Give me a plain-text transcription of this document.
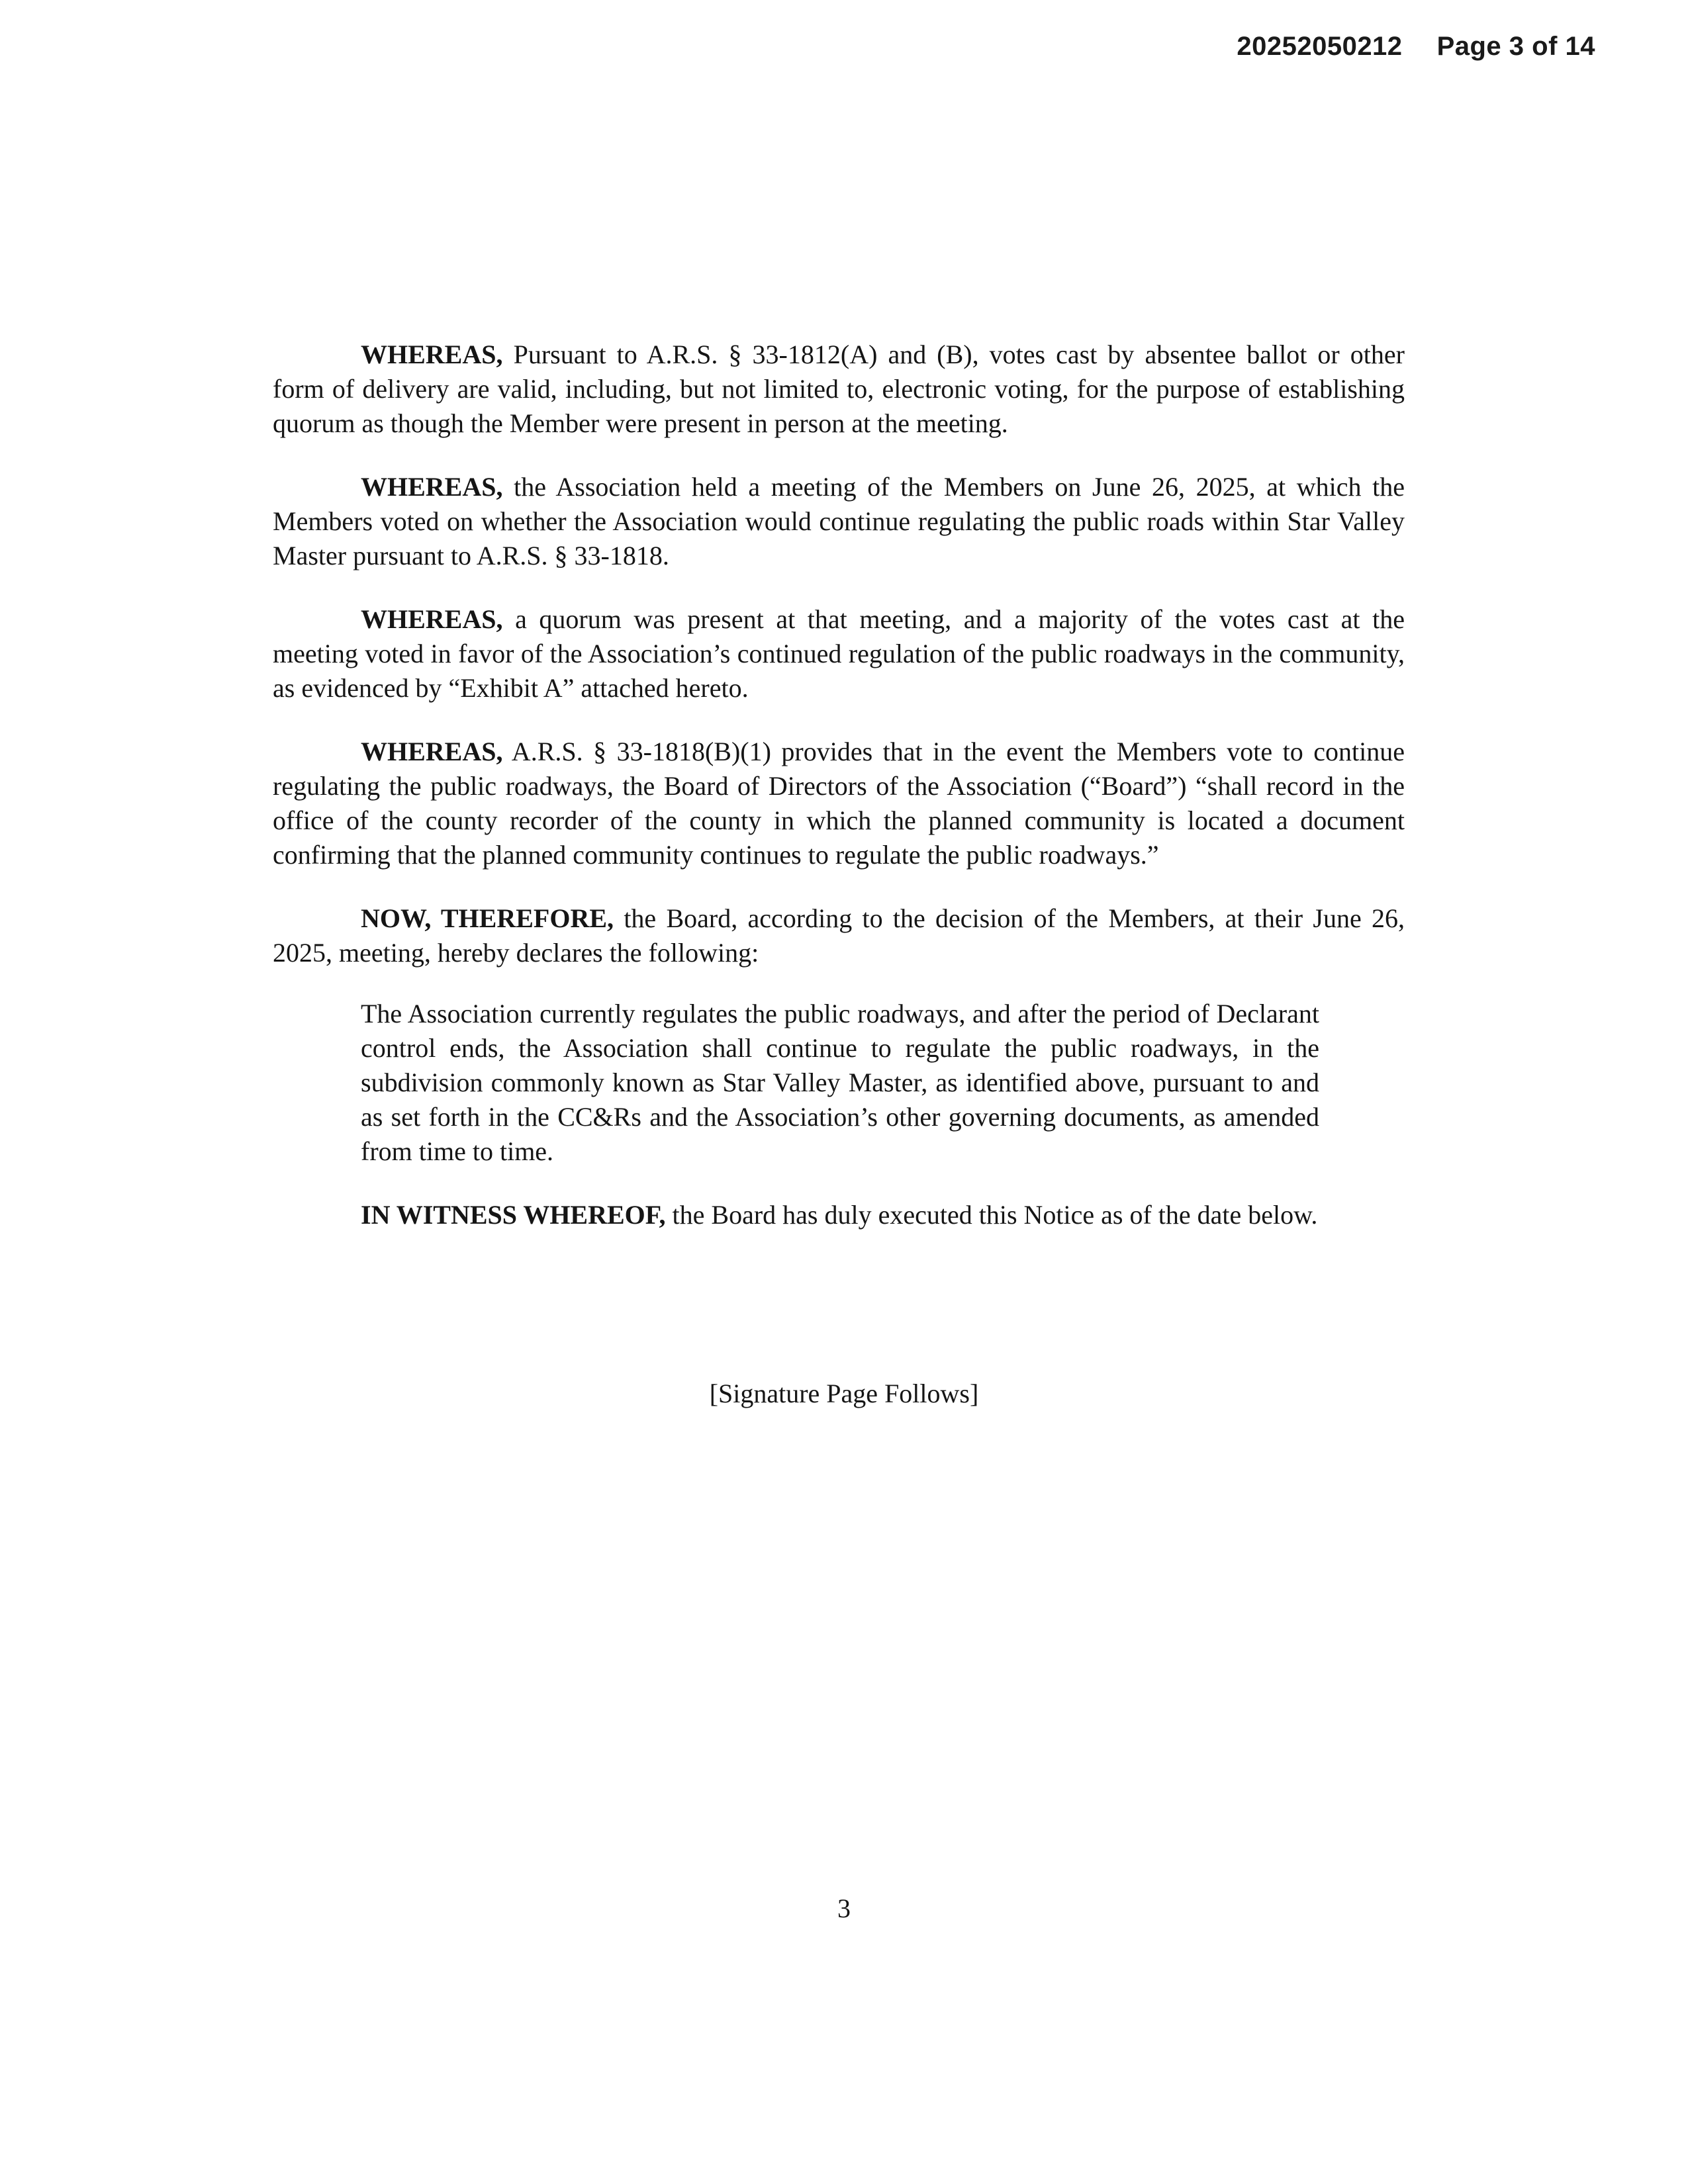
20252050212 Page 3 of 14

WHEREAS, Pursuant to A.R.S. § 33-1812(A) and (B), votes cast by absentee ballot or other form of delivery are valid, including, but not limited to, electronic voting, for the purpose of establishing quorum as though the Member were present in person at the meeting.

WHEREAS, the Association held a meeting of the Members on June 26, 2025, at which the Members voted on whether the Association would continue regulating the public roads within Star Valley Master pursuant to A.R.S. § 33-1818.

WHEREAS, a quorum was present at that meeting, and a majority of the votes cast at the meeting voted in favor of the Association’s continued regulation of the public roadways in the community, as evidenced by “Exhibit A” attached hereto.

WHEREAS, A.R.S. § 33-1818(B)(1) provides that in the event the Members vote to continue regulating the public roadways, the Board of Directors of the Association (“Board”) “shall record in the office of the county recorder of the county in which the planned community is located a document confirming that the planned community continues to regulate the public roadways.”

NOW, THEREFORE, the Board, according to the decision of the Members, at their June 26, 2025, meeting, hereby declares the following:

The Association currently regulates the public roadways, and after the period of Declarant control ends, the Association shall continue to regulate the public roadways, in the subdivision commonly known as Star Valley Master, as identified above, pursuant to and as set forth in the CC&Rs and the Association’s other governing documents, as amended from time to time.

IN WITNESS WHEREOF, the Board has duly executed this Notice as of the date below.

[Signature Page Follows]
3
